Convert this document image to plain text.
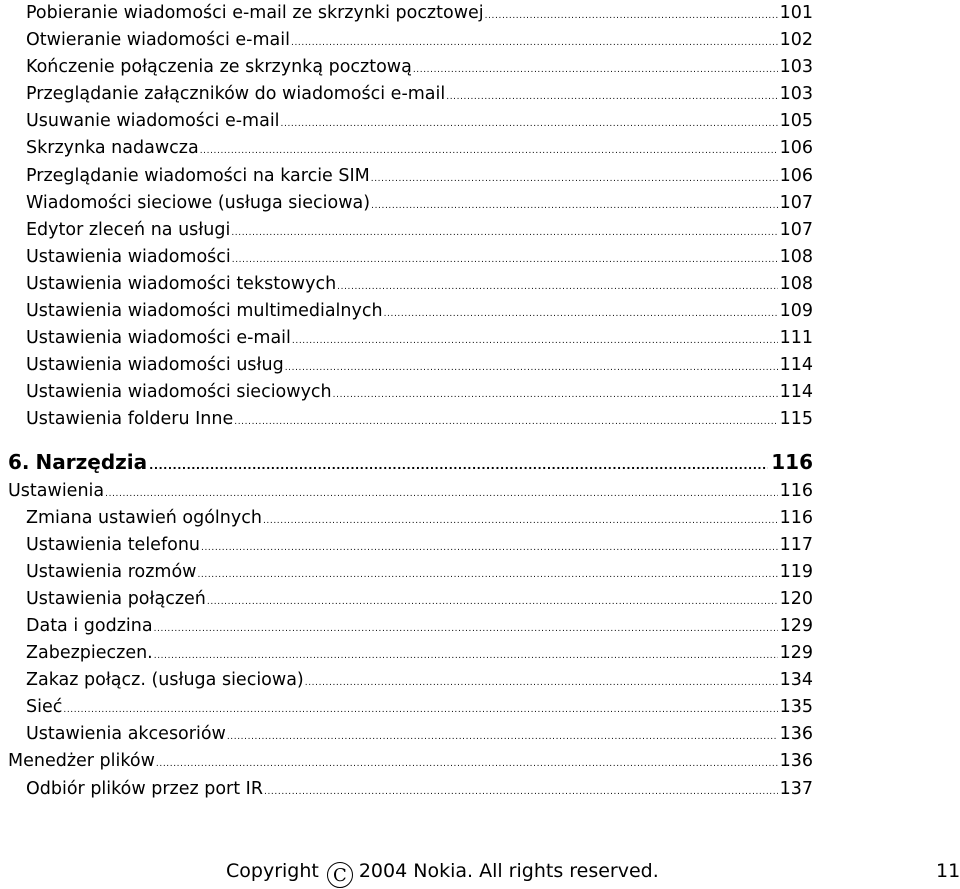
Pobieranie wiadomości e-mail ze skrzynki pocztowej .....	101
Otwieranie wiadomości e-mail .....	102
Kończenie połączenia ze skrzynką pocztową .....	103
Przeglądanie załączników do wiadomości e-mail .....	103
Usuwanie wiadomości e-mail .....	105
Skrzynka nadawcza .....	106
Przeglądanie wiadomości na karcie SIM .....	106
Wiadomości sieciowe (usługa sieciowa) .....	107
Edytor zleceń na usługi .....	107
Ustawienia wiadomości .....	108
Ustawienia wiadomości tekstowych .....	108
Ustawienia wiadomości multimedialnych .....	109
Ustawienia wiadomości e-mail .....	111
Ustawienia wiadomości usług .....	114
Ustawienia wiadomości sieciowych .....	114
Ustawienia folderu Inne .....	115
6. Narzędzia .....	116
Ustawienia .....	116
Zmiana ustawień ogólnych .....	116
Ustawienia telefonu .....	117
Ustawienia rozmów .....	119
Ustawienia połączeń .....	120
Data i godzina .....	129
Zabezpieczen. .....	129
Zakaz połącz. (usługa sieciowa) .....	134
Sieć .....	135
Ustawienia akcesoriów .....	136
Menedżer plików .....	136
Odbiór plików przez port IR .....	137
Copyright C 2004 Nokia. All rights reserved.	11
